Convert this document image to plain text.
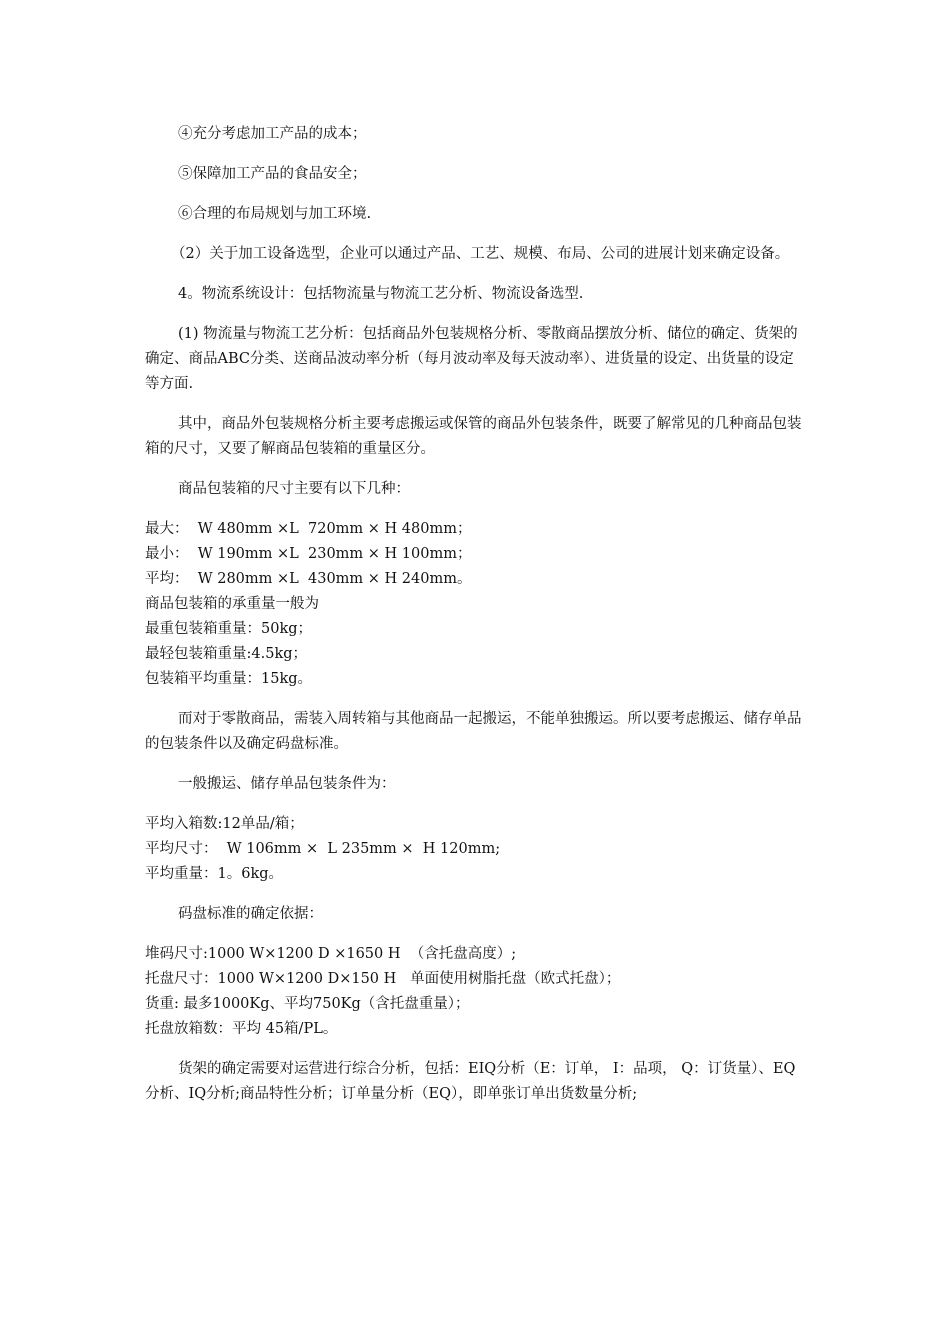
④充分考虑加工产品的成本；

⑤保障加工产品的食品安全；

⑥合理的布局规划与加工环境.

（2）关于加工设备选型，企业可以通过产品、工艺、规模、布局、公司的进展计划来确定设备。

4。物流系统设计：包括物流量与物流工艺分析、物流设备选型.

(1) 物流量与物流工艺分析：包括商品外包装规格分析、零散商品摆放分析、储位的确定、货架的确定、商品ABC分类、送商品波动率分析（每月波动率及每天波动率）、进货量的设定、出货量的设定等方面.

其中，商品外包装规格分析主要考虑搬运或保管的商品外包装条件，既要了解常见的几种商品包装箱的尺寸，又要了解商品包装箱的重量区分。

商品包装箱的尺寸主要有以下几种：

最大：  W 480mm ×L  720mm × H 480mm；

最小：  W 190mm ×L  230mm × H 100mm；

平均：  W 280mm ×L  430mm × H 240mm。

商品包装箱的承重量一般为

最重包装箱重量：50kg；

最轻包装箱重量:4.5kg；

包装箱平均重量：15kg。

而对于零散商品，需装入周转箱与其他商品一起搬运，不能单独搬运。所以要考虑搬运、储存单品的包装条件以及确定码盘标准。

一般搬运、储存单品包装条件为：

平均入箱数:12单品/箱；

平均尺寸：  W 106mm ×  L 235mm ×  H 120mm;

平均重量：1。6kg。

码盘标准的确定依据：

堆码尺寸:1000 W×1200 D ×1650 H  （含托盘高度）;

托盘尺寸：1000 W×1200 D×150 H   单面使用树脂托盘（欧式托盘）；

货重: 最多1000Kg、平均750Kg（含托盘重量）；

托盘放箱数：平均 45箱/PL。

货架的确定需要对运营进行综合分析，包括：EIQ分析（E：订单， I：品项， Q：订货量）、EQ分析、IQ分析;商品特性分析；订单量分析（EQ），即单张订单出货数量分析;
